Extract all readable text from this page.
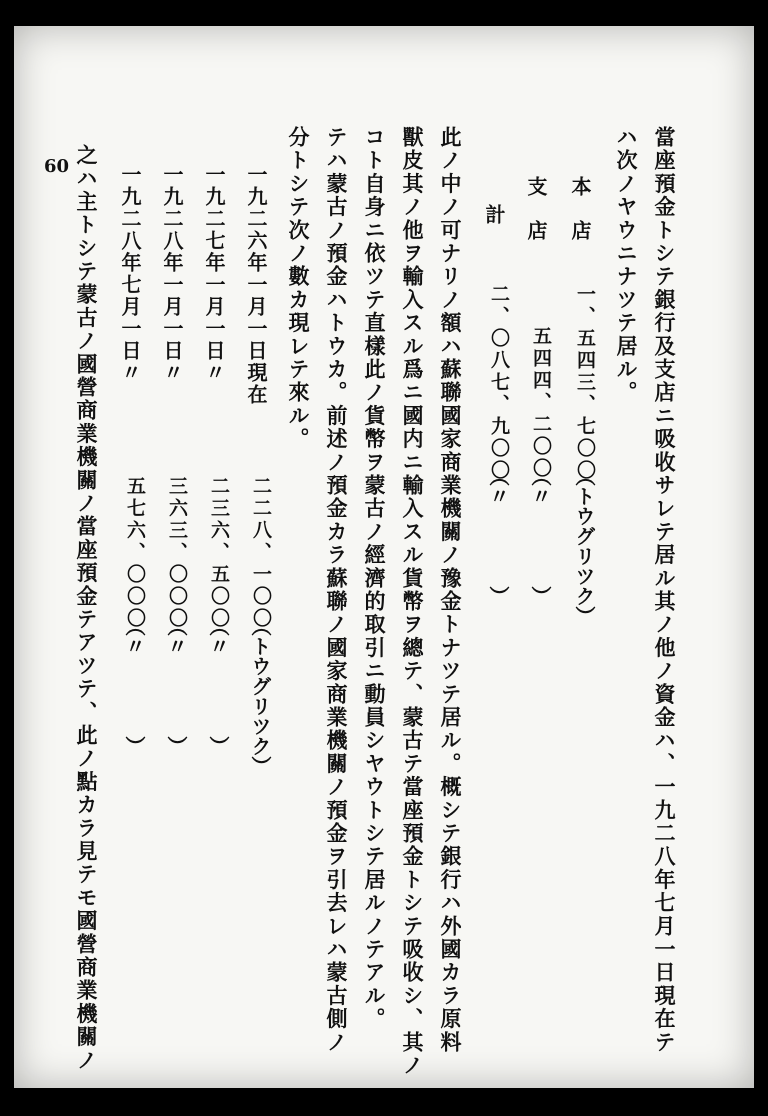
60	當座預金トシテ銀行及支店ニ吸收サレテ居ル其ノ他ノ資金ハ、一九二八年七月一日現在テ
ハ次ノヤウニナツテ居ル。
本　店
一、五四三、七〇〇
（トウグリツク）
支　店
五四四、二〇〇
（〃　　　　）
計
二、〇八七、九〇〇
（〃　　　　）
此ノ中ノ可ナリノ額ハ蘇聯國家商業機關ノ豫金トナツテ居ル。概シテ銀行ハ外國カラ原料
獸皮其ノ他ヲ輸入スル爲ニ國内ニ輸入スル貨幣ヲ總テ、蒙古テ當座預金トシテ吸收シ、其ノ
コト自身ニ依ツテ直樣此ノ貨幣ヲ蒙古ノ經濟的取引ニ動員シヤウトシテ居ルノテアル。
テハ蒙古ノ預金ハトウカ。前述ノ預金カラ蘇聯ノ國家商業機關ノ預金ヲ引去レハ蒙古側ノ
分トシテ次ノ數カ現レテ來ル。
一九二六年一月一日現在
二二八、一〇〇
（トウグリツク）
一九二七年一月一日〃
二三六、五〇〇
（〃　　　　）
一九二八年一月一日〃
三六三、〇〇〇
（〃　　　　）
一九二八年七月一日〃
五七六、〇〇〇
（〃　　　　）
之ハ主トシテ蒙古ノ國營商業機關ノ當座預金テアツテ、此ノ點カラ見テモ國營商業機關ノ
